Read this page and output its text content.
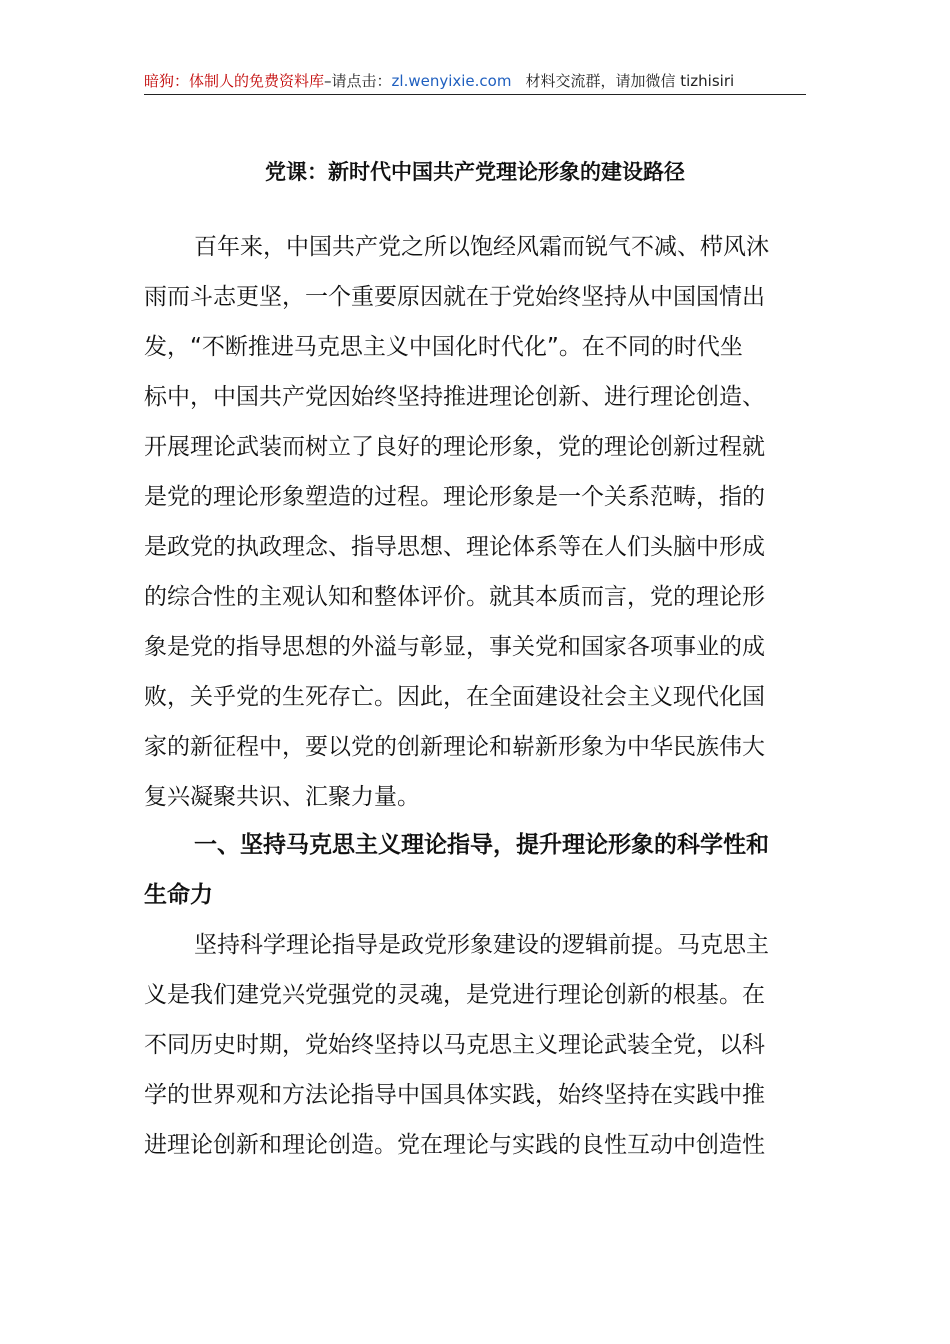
暗狗：体制人的免费资料库–请点击：zl.wenyixie.com 材料交流群，请加微信 tizhisiri
党课：新时代中国共产党理论形象的建设路径
百年来，中国共产党之所以饱经风霜而锐气不减、栉风沐
雨而斗志更坚，一个重要原因就在于党始终坚持从中国国情出
发，“不断推进马克思主义中国化时代化”。在不同的时代坐
标中，中国共产党因始终坚持推进理论创新、进行理论创造、
开展理论武装而树立了良好的理论形象，党的理论创新过程就
是党的理论形象塑造的过程。理论形象是一个关系范畴，指的
是政党的执政理念、指导思想、理论体系等在人们头脑中形成
的综合性的主观认知和整体评价。就其本质而言，党的理论形
象是党的指导思想的外溢与彰显，事关党和国家各项事业的成
败，关乎党的生死存亡。因此，在全面建设社会主义现代化国
家的新征程中，要以党的创新理论和崭新形象为中华民族伟大
复兴凝聚共识、汇聚力量。
一、坚持马克思主义理论指导，提升理论形象的科学性和
生命力
坚持科学理论指导是政党形象建设的逻辑前提。马克思主
义是我们建党兴党强党的灵魂，是党进行理论创新的根基。在
不同历史时期，党始终坚持以马克思主义理论武装全党，以科
学的世界观和方法论指导中国具体实践，始终坚持在实践中推
进理论创新和理论创造。党在理论与实践的良性互动中创造性
